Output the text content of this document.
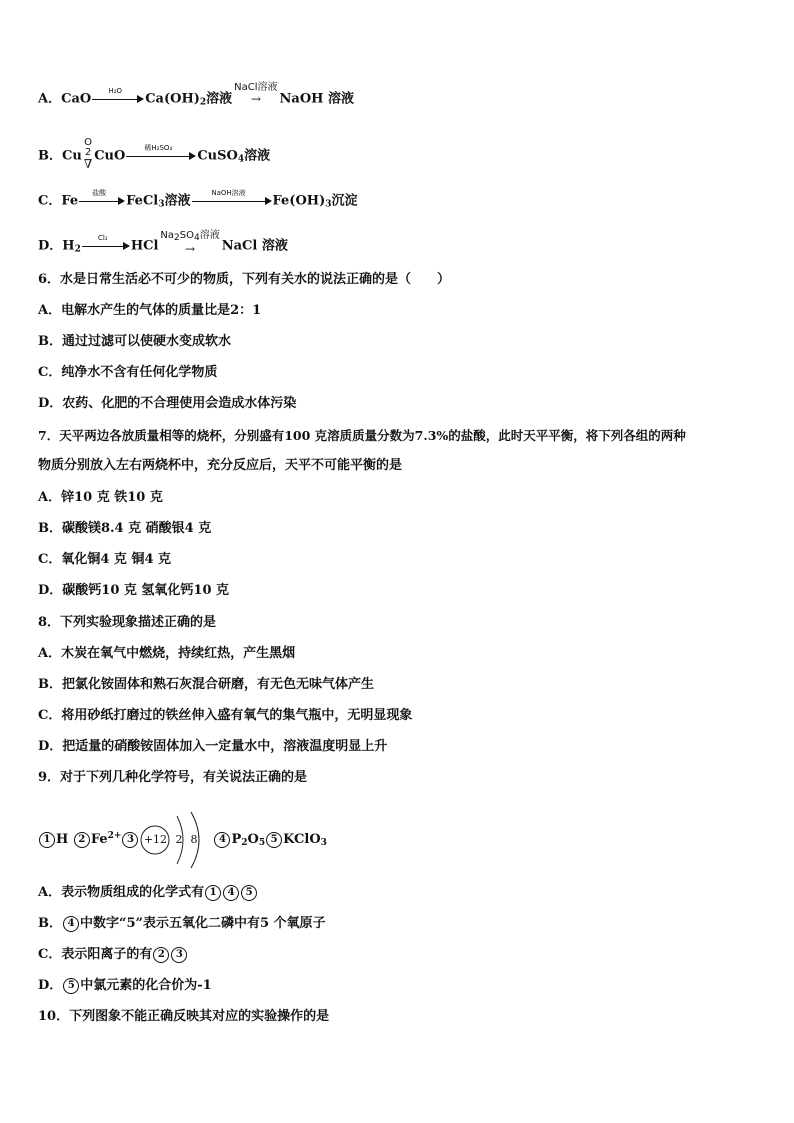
A．CaO
H₂O
$Ca(OH)_2$溶液
NaCl溶液
→	NaOH 溶液
B．Cu
O
2
∇
CuO
稀H₂SO₄
CuSO$_4$溶液
C．Fe
盐酸
FeCl$_3$溶液
NaOH溶液
$Fe(OH)_3$沉淀
D．$H_2$
Cl₂
HCl
$Na_2SO_4$溶液
→	NaCl 溶液
6．水是日常生活必不可少的物质，下列有关水的说法正确的是（　　）
A．电解水产生的气体的质量比是2：1
B．通过过滤可以使硬水变成软水
C．纯净水不含有任何化学物质
D．农药、化肥的不合理使用会造成水体污染
7．天平两边各放质量相等的烧杯，分别盛有100 克溶质质量分数为7.3%的盐酸，此时天平平衡，将下列各组的两种
物质分别放入左右两烧杯中，充分反应后，天平不可能平衡的是
A．锌10 克 铁10 克
B．碳酸镁8.4 克 硝酸银4 克
C．氧化铜4 克 铜4 克
D．碳酸钙10 克 氢氧化钙10 克
8．下列实验现象描述正确的是
A．木炭在氧气中燃烧，持续红热，产生黑烟
B．把氯化铵固体和熟石灰混合研磨，有无色无味气体产生
C．将用砂纸打磨过的铁丝伸入盛有氧气的集气瓶中，无明显现象
D．把适量的硝酸铵固体加入一定量水中，溶液温度明显上升
9．对于下列几种化学符号，有关说法正确的是
1 H 2 $Fe^{2+}$ 3 +12 2 8 4 $P_2O_5$ 5 KClO$_3$
A．表示物质组成的化学式有 1 4 5
B． 4 中数字“5”表示五氧化二磷中有5 个氧原子
C．表示阳离子的有 2 3
D． 5 中氯元素的化合价为-1
10．下列图象不能正确反映其对应的实验操作的是
